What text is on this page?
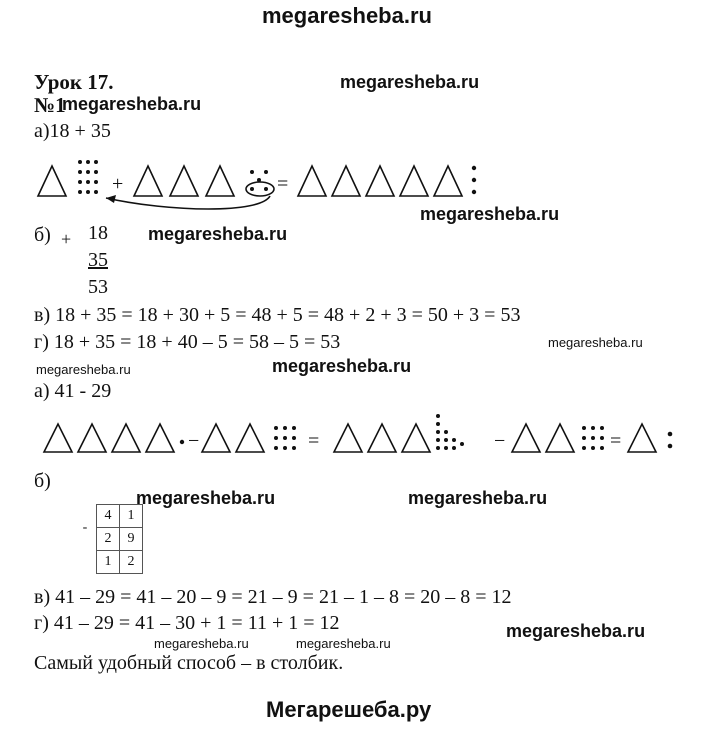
megaresheba.ru
megaresheba.ru
megaresheba.ru
megaresheba.ru
megaresheba.ru
megaresheba.ru
megaresheba.ru	megaresheba.ru
megaresheba.ru	megaresheba.ru
megaresheba.ru	megaresheba.ru
megaresheba.ru
Мегарешеба.ру
Урок 17.
№1
а)18 + 35
+	=
б) + 18
35
53
в) 18 + 35 = 18 + 30 + 5 = 48 + 5 = 48 + 2 + 3 = 50 + 3 = 53
г) 18 + 35 = 18 + 40 – 5 = 58 – 5 = 53
а) 41 - 29
−	=	−	=
б)
-	4	1
	2	9
	1	2
в) 41 – 29 = 41 – 20 – 9 = 21 – 9 = 21 – 1 – 8 = 20 – 8 = 12
г) 41 – 29 = 41 – 30 + 1 = 11 + 1 = 12
Самый удобный способ – в столбик.
